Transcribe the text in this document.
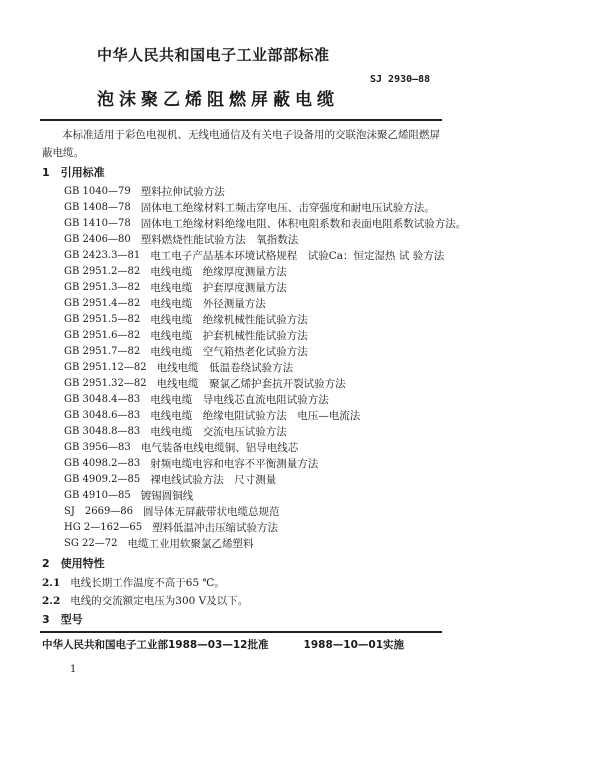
中华人民共和国电子工业部部标准
泡沫聚乙烯阻燃屏蔽电缆
SJ 2930—88
本标准适用于彩色电视机、无线电通信及有关电子设备用的交联泡沫聚乙烯阻燃屏蔽电缆。
1　引用标准
GB 1040—79 塑料拉伸试验方法
GB 1408—78 固体电工绝缘材料工频击穿电压、击穿强度和耐电压试验方法。
GB 1410—78 固体电工绝缘材料绝缘电阻、体积电阻系数和表面电阻系数试验方法。
GB 2406—80 塑料燃烧性能试验方法　氧指数法
GB 2423.3—81 电工电子产品基本环境试格规程　试验Ca：恒定湿热 试 验方法
GB 2951.2—82 电线电缆　绝缘厚度测量方法
GB 2951.3—82 电线电缆　护套厚度测量方法
GB 2951.4—82 电线电缆　外径测量方法
GB 2951.5—82 电线电缆　绝缘机械性能试验方法
GB 2951.6—82 电线电缆　护套机械性能试验方法
GB 2951.7—82 电线电缆　空气箱热老化试验方法
GB 2951.12—82 电线电缆　低温卷绕试验方法
GB 2951.32—82 电线电缆　聚氯乙烯护套抗开裂试验方法
GB 3048.4—83 电线电缆　导电线芯直流电阻试验方法
GB 3048.6—83 电线电缆　绝缘电阻试验方法　电压—电流法
GB 3048.8—83 电线电缆　交流电压试验方法
GB 3956—83 电气装备电线电缆铜、铝导电线芯
GB 4098.2—83 射频电缆电容和电容不平衡测量方法
GB 4909.2—85 裸电线试验方法　尺寸测量
GB 4910—85 镀锡圆铜线
SJ　2669—86 圆导体无屏蔽带状电缆总规范
HG 2—162—65 塑料低温冲击压缩试验方法
SG 22—72 电缆工业用软聚氯乙烯塑料
2　使用特性
2.1 电线长期工作温度不高于65 ℃。
2.2 电线的交流额定电压为300 V及以下。
3　型号
中华人民共和国电子工业部1988—03—12批准	1988—10—01实施
1
